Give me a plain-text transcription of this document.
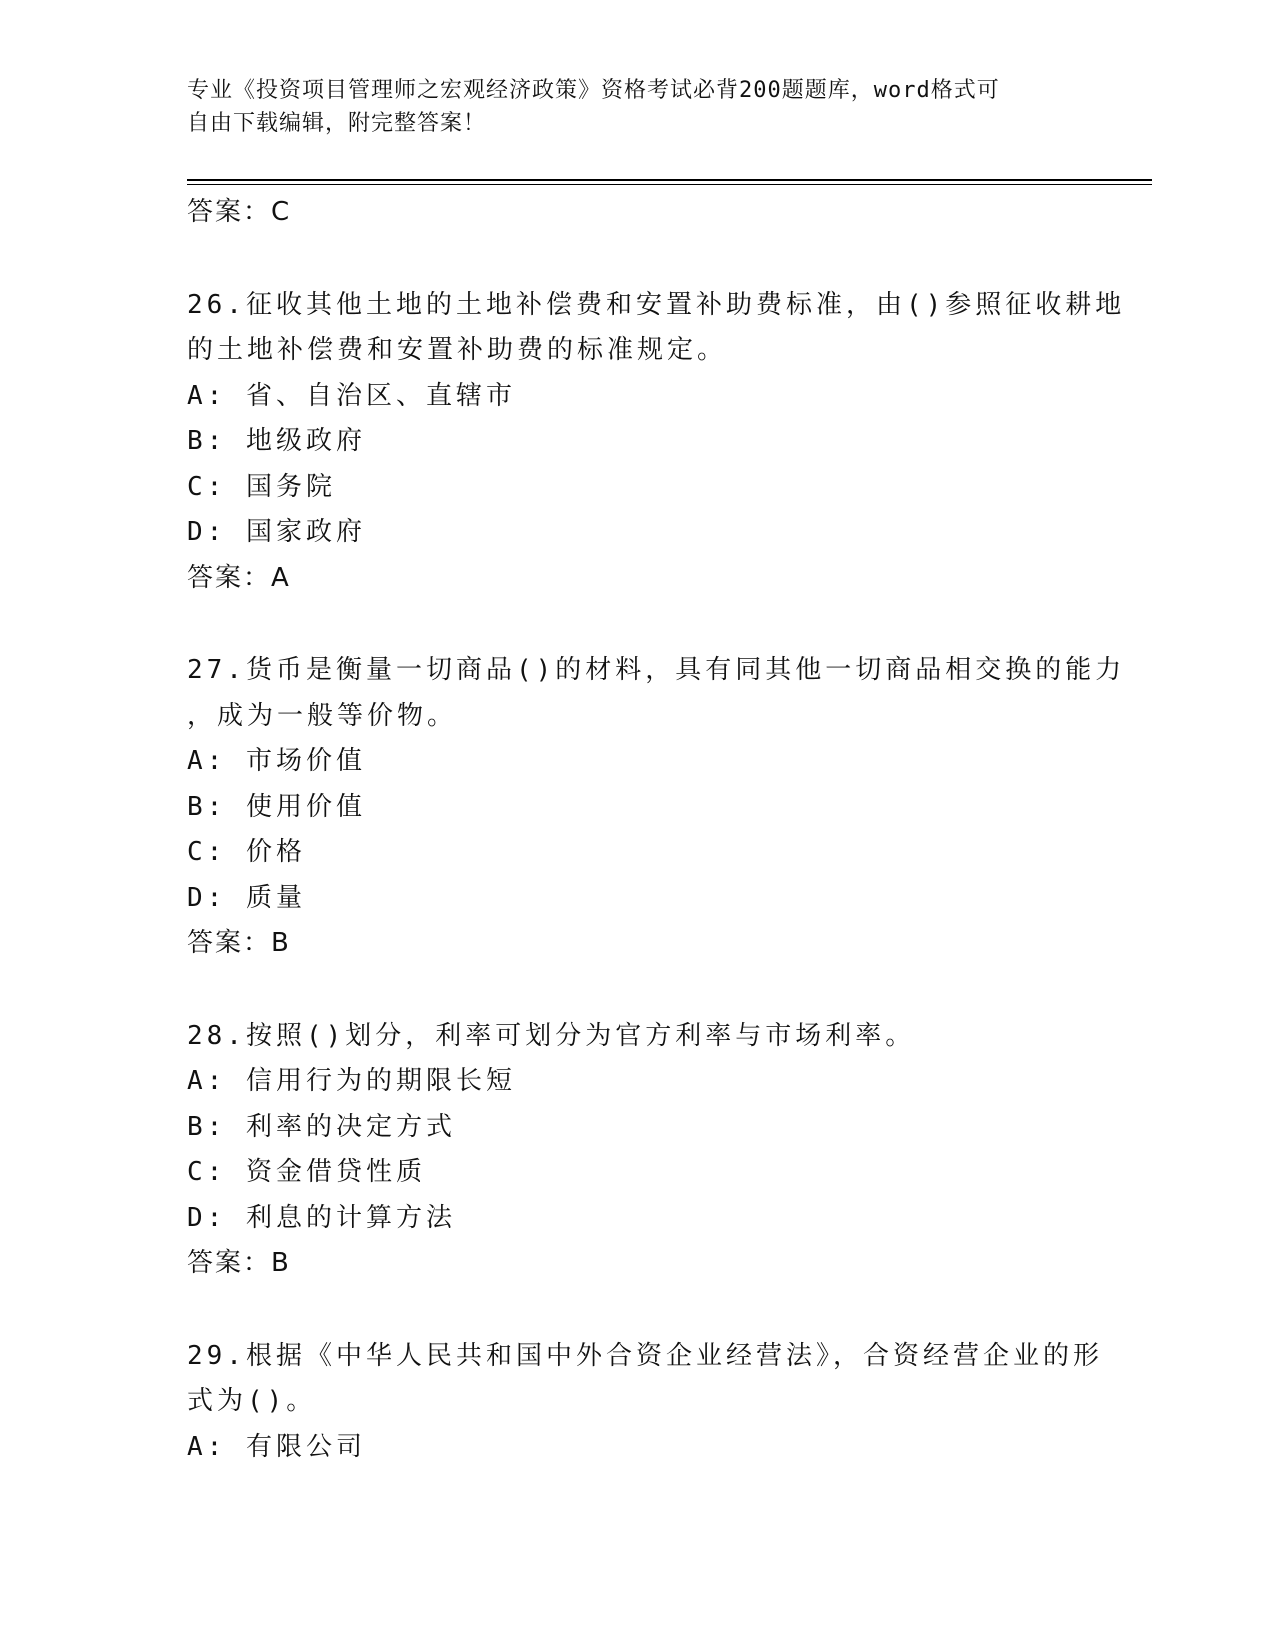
专业《投资项目管理师之宏观经济政策》资格考试必背200题题库，word格式可
自由下载编辑，附完整答案！
答案：C
26.征收其他土地的土地补偿费和安置补助费标准，由()参照征收耕地
的土地补偿费和安置补助费的标准规定。
A: 省、自治区、直辖市
B: 地级政府
C: 国务院
D: 国家政府
答案：A
27.货币是衡量一切商品()的材料，具有同其他一切商品相交换的能力
，成为一般等价物。
A: 市场价值
B: 使用价值
C: 价格
D: 质量
答案：B
28.按照()划分，利率可划分为官方利率与市场利率。
A: 信用行为的期限长短
B: 利率的决定方式
C: 资金借贷性质
D: 利息的计算方法
答案：B
29.根据《中华人民共和国中外合资企业经营法》，合资经营企业的形
式为()。
A: 有限公司
